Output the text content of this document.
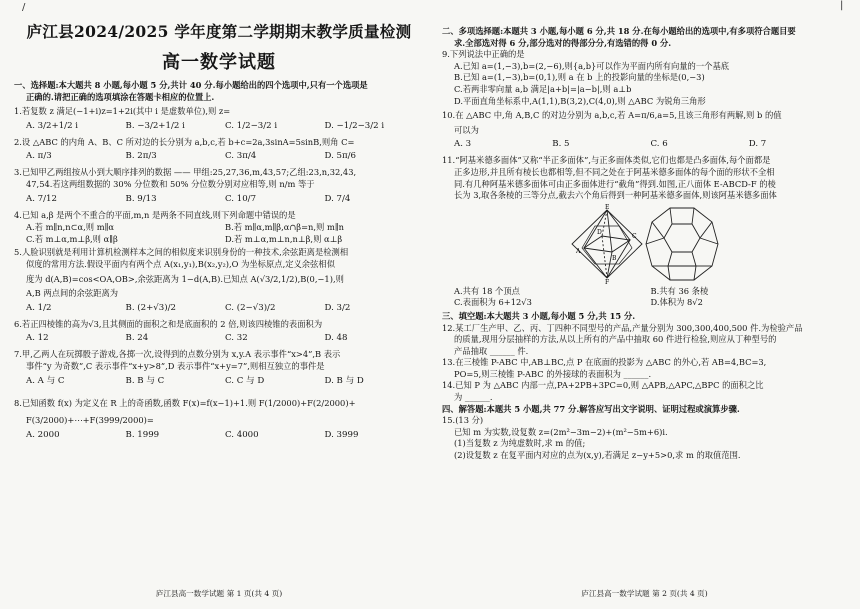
/	|
庐江县2024/2025 学年度第二学期期末教学质量检测
高一数学试题

一、选择题:本大题共 8 小题,每小题 5 分,共计 40 分.每小题给出的四个选项中,只有一个选项是

正确的.请把正确的选项填涂在答题卡相应的位置上.

1.若复数 z 满足(−1+i)z=1+2i(其中 i 是虚数单位),则 z=

A. 3/2+1/2 i	B. −3/2+1/2 i	C. 1/2−3/2 i	D. −1/2−3/2 i

2.设 △ABC 的内角 A、B、C 所对边的长分别为 a,b,c,若 b+c=2a,3sinA=5sinB,则角 C=

A. π/3	B. 2π/3	C. 3π/4	D. 5π/6

3.已知甲乙两组按从小到大顺序排列的数据 —— 甲组:25,27,36,m,43,57;乙组:23,n,32,43,

47,54.若这两组数据的 30% 分位数和 50% 分位数分别对应相等,则 n/m 等于

A. 7/12	B. 9/13	C. 10/7	D. 7/4

4.已知 a,β 是两个不重合的平面,m,n 是两条不同直线,则下列命题中错误的是

A.若 m∥n,n⊂α,则 m∥α	B.若 m∥α,m∥β,α∩β=n,则 m∥n
C.若 m⊥α,m⊥β,则 α∥β	D.若 m⊥α,m⊥n,n⊥β,则 α⊥β

5.人脸识别就是利用计算机检测样本之间的相似度来识别身份的一种技术,余弦距离是检测相

似度的常用方法.假设平面内有两个点 A(x₁,y₁),B(x₂,y₂),O 为坐标原点,定义余弦相似

度为 d(A,B)=cos<OA,OB>,余弦距离为 1−d(A,B).已知点 A(√3/2,1/2),B(0,−1),则

A,B 两点间的余弦距离为

A. 1/2	B. (2+√3)/2	C. (2−√3)/2	D. 3/2

6.若正四棱锥的高为√3,且其侧面的面积之和是底面积的 2 倍,则该四棱锥的表面积为

A. 12	B. 24	C. 32	D. 48

7.甲,乙两人在玩掷骰子游戏,各掷一次,设得到的点数分别为 x,y.A 表示事件“x>4”,B 表示

事件“y 为奇数”,C 表示事件“x+y>8”,D 表示事件“x+y=7”,则相互独立的事件是

A. A 与 C	B. B 与 C	C. C 与 D	D. B 与 D

8.已知函数 f(x) 为定义在 R 上的奇函数,函数 F(x)=f(x−1)+1.则 F(1/2000)+F(2/2000)+

F(3/2000)+⋯+F(3999/2000)=

A. 2000	B. 1999	C. 4000	D. 3999
庐江县高一数学试题 第 1 页(共 4 页)

二、多项选择题:本题共 3 小题,每小题 6 分,共 18 分.在每小题给出的选项中,有多项符合题目要

求.全部选对得 6 分,部分选对的得部分分,有选错的得 0 分.

9.下列说法中正确的是

A.已知 a=(1,−3),b=(2,−6),则{a,b}可以作为平面内所有向量的一个基底

B.已知 a=(1,−3),b=(0,1),则 a 在 b 上的投影向量的坐标是(0,−3)

C.若两非零向量 a,b 满足|a+b|=|a−b|,则 a⊥b

D.平面直角坐标系中,A(1,1),B(3,2),C(4,0),则 △ABC 为锐角三角形

10.在 △ABC 中,角 A,B,C 的对边分别为 a,b,c,若 A=π/6,a=5,且该三角形有两解,则 b 的值

可以为

A. 3	B. 5	C. 6	D. 7

11.“阿基米德多面体”又称“半正多面体”,与正多面体类似,它们也都是凸多面体,每个面都是

正多边形,并且所有棱长也都相等,但不同之处在于阿基米德多面体的每个面的形状不全相

同.有几种阿基米德多面体可由正多面体进行“截角”得到.如图,正八面体 E-ABCD-F 的棱

长为 3,取各条棱的三等分点,截去六个角后得到一种阿基米德多面体,则该阿基米德多面体

E
A
B
C
D
F
A.共有 18 个顶点	B.共有 36 条棱
C.表面积为 6+12√3	D.体积为 8√2

三、填空题:本大题共 3 小题,每小题 5 分,共 15 分.

12.某工厂生产甲、乙、丙、丁四种不同型号的产品,产量分别为 300,300,400,500 件.为检验产品

的质量,现用分层抽样的方法,从以上所有的产品中抽取 60 件进行检验,则应从丁种型号的

产品抽取 ______ 件.

13.在三棱锥 P-ABC 中,AB⊥BC,点 P 在底面的投影为 △ABC 的外心,若 AB=4,BC=3,

PO=5,则三棱锥 P-ABC 的外接球的表面积为 ______.

14.已知 P 为 △ABC 内部一点,PA+2PB+3PC=0,则 △APB,△APC,△BPC 的面积之比

为 ______.

四、解答题:本题共 5 小题,共 77 分.解答应写出文字说明、证明过程或演算步骤.

15.(13 分)

已知 m 为实数,设复数 z=(2m²−3m−2)+(m²−5m+6)i.

(1)当复数 z 为纯虚数时,求 m 的值;

(2)设复数 z 在复平面内对应的点为(x,y),若满足 z−y+5>0,求 m 的取值范围.

庐江县高一数学试题 第 2 页(共 4 页)
